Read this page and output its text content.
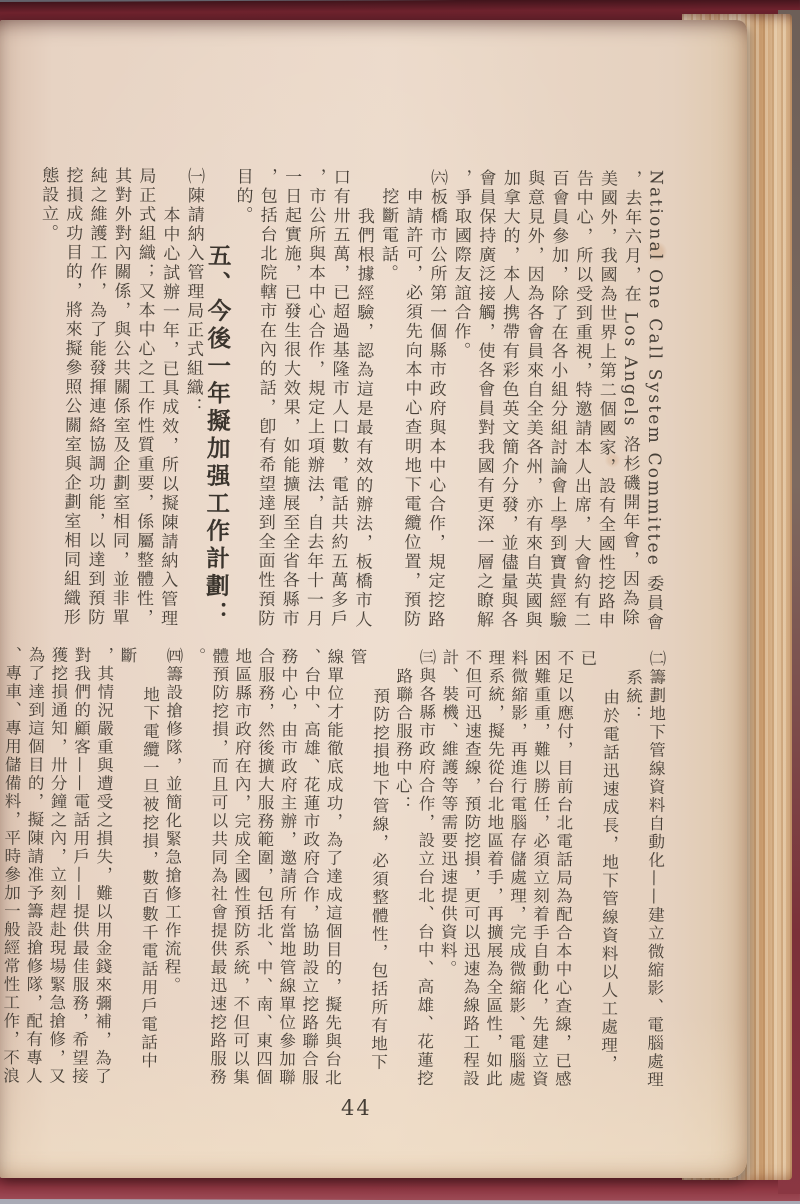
National One Call System Committee 委員會

，去年六月，在 Los Angels 洛杉磯開年會，因為除

美國外，我國為世界上第二個國家，設有全國性挖路申

告中心，所以受到重視，特邀請本人出席，大會約有二

百會員參加，除了在各小組分組討論會上學到寶貴經驗

與意見外，因為各會員來自全美各州，亦有來自英國與

加拿大的，本人携帶有彩色英文簡介分發，並儘量與各

會員保持廣泛接觸，使各會員對我國有更深一層之瞭解

，爭取國際友誼合作。

㈥板橋市公所第一個縣市政府與本中心合作，規定挖路

申請許可，必須先向本中心查明地下電纜位置，預防

挖斷電話。

我們根據經驗，認為這是最有效的辦法，板橋市人

口有卅五萬，已超過基隆市人口數，電話共約五萬多戶

，市公所與本中心合作，規定上項辦法，自去年十一月

一日起實施，已發生很大效果，如能擴展至全省各縣市

，包括台北院轄市在內的話，卽有希望達到全面性預防

目的。

五、今後一年擬加强工作計劃：

㈠陳請納入管理局正式組織：

本中心試辦一年，已具成效，所以擬陳請納入管理

局正式組織；又本中心之工作性質重要，係屬整體性，

其對外對內關係，與公共關係室及企劃室相同，並非單

純之維護工作，為了能發揮連絡協調功能，以達到預防

挖損成功目的，將來擬參照公關室與企劃室相同組織形

態設立。

㈡籌劃地下管線資料自動化——建立微縮影、電腦處理

系統：

由於電話迅速成長，地下管線資料以人工處理，已

不足以應付，目前台北電話局為配合本中心查線，已感

困難重重，難以勝任，必須立刻着手自動化，先建立資

料微縮影，再進行電腦存儲處理，完成微縮影、電腦處

理系統，擬先從台北地區着手，再擴展為全區性，如此

不但可迅速查線，預防挖損，更可以迅速為線路工程設

計、裝機、維護等等需要迅速提供資料。

㈢與各縣市政府合作，設立台北、台中、高雄、花蓮挖

路聯合服務中心：

預防挖損地下管線，必須整體性，包括所有地下管

線單位才能徹底成功，為了達成這個目的，擬先與台北

、台中、高雄、花蓮市政府合作，協助設立挖路聯合服

務中心，由市政府主辦，邀請所有當地管線單位參加聯

合服務，然後擴大服務範圍，包括北、中、南、東四個

地區縣市政府在內，完成全國性預防系統，不但可以集

體預防挖損，而且可以共同為社會提供最迅速挖路服務

。

㈣籌設搶修隊，並簡化緊急搶修工作流程。

地下電纜一旦被挖損，數百數千電話用戶電話中斷

，其情況嚴重與遭受之損失，難以用金錢來彌補，為了

對我們的顧客——電話用戶——提供最佳服務，希望接

獲挖損通知，卅分鐘之內，立刻趕赴現場緊急搶修，又

為了達到這個目的，擬陳請准予籌設搶修隊，配有專人

、專車、專用儲備料，平時參加一般經常性工作，不浪

44
